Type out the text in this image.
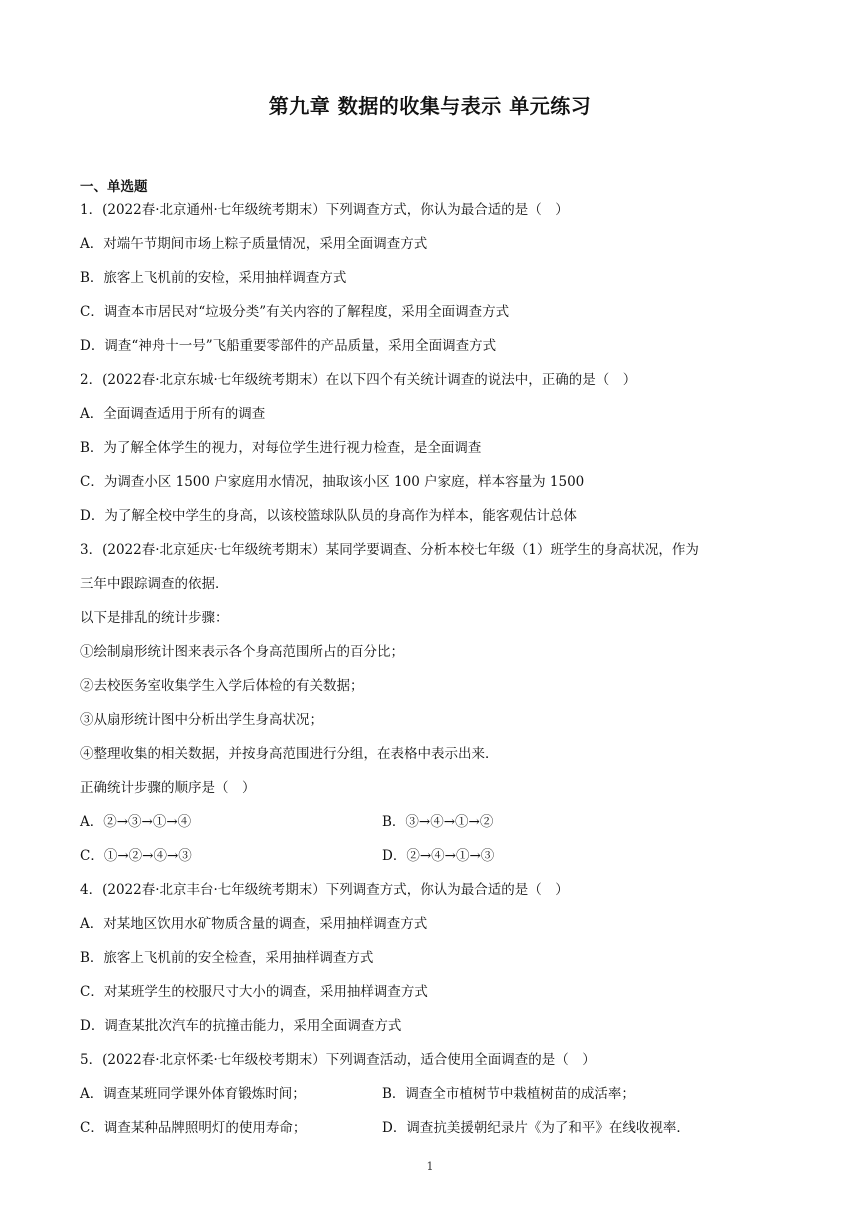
第九章 数据的收集与表示 单元练习
一、单选题
1．(2022春·北京通州·七年级统考期末）下列调查方式，你认为最合适的是（　）
A．对端午节期间市场上粽子质量情况，采用全面调查方式
B．旅客上飞机前的安检，采用抽样调查方式
C．调查本市居民对“垃圾分类”有关内容的了解程度，采用全面调查方式
D．调查“神舟十一号”飞船重要零部件的产品质量，采用全面调查方式
2．(2022春·北京东城·七年级统考期末）在以下四个有关统计调查的说法中，正确的是（　）
A．全面调查适用于所有的调查
B．为了解全体学生的视力，对每位学生进行视力检查，是全面调查
C．为调查小区 1500 户家庭用水情况，抽取该小区 100 户家庭，样本容量为 1500
D．为了解全校中学生的身高，以该校篮球队队员的身高作为样本，能客观估计总体
3．(2022春·北京延庆·七年级统考期末）某同学要调查、分析本校七年级（1）班学生的身高状况，作为
三年中跟踪调查的依据．
以下是排乱的统计步骤：
①绘制扇形统计图来表示各个身高范围所占的百分比；
②去校医务室收集学生入学后体检的有关数据；
③从扇形统计图中分析出学生身高状况；
④整理收集的相关数据，并按身高范围进行分组，在表格中表示出来．
正确统计步骤的顺序是（　）
A．②→③→①→④	B．③→④→①→②
C．①→②→④→③	D．②→④→①→③
4．(2022春·北京丰台·七年级统考期末）下列调查方式，你认为最合适的是（　）
A．对某地区饮用水矿物质含量的调查，采用抽样调查方式
B．旅客上飞机前的安全检查，采用抽样调查方式
C．对某班学生的校服尺寸大小的调查，采用抽样调查方式
D．调查某批次汽车的抗撞击能力，采用全面调查方式
5．(2022春·北京怀柔·七年级校考期末）下列调查活动，适合使用全面调查的是（　）
A．调查某班同学课外体育锻炼时间；	B．调查全市植树节中栽植树苗的成活率；
C．调查某种品牌照明灯的使用寿命；	D．调查抗美援朝纪录片《为了和平》在线收视率．
1
